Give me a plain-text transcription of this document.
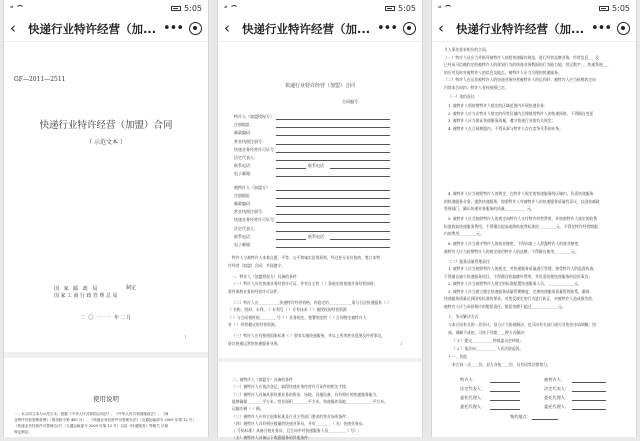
ᵃˡˡ	5:05
‹	快递行业特许经营（加... •••
GF—2011—2511
快递行业特许经营（加盟）合同
（ 示范文本 ）
国 家 邮 政 局
国家工商行政管理总局
制定
二 〇 一 一 年二月
1
使用说明
一、本合同文本为示范文本，根据《中华人民共和国合同法》、《中华人民共和国邮政法》、《商
业特许经营管理条例》（国务院令第 485 号）、《快递业务经营许可管理办法》（交通运输部令 2009 年第 12 号）
《快递业务经营许可管理办法》（交通运输部令 2009 年第 12 号）以及《快递服务》等相关 法规
规定制定。
ᵃˡˡ	5:05
‹	快递行业特许经营（加... •••
快递行业特许经营（加盟）合同
合同编号：
特许人（加盟授权方）：
注册地址：
邮政编码：
营业执照注册号：
快递业务经营许可证号：
法定代表人：
联系电话：	联系电话：
电子邮箱：
被特许人（加盟方）：
注册地址：
邮政编码：
营业执照注册号：
快递业务经营许可证号：
法定代表人：
联系电话：	联系电话：
电子邮箱：
特许人与被特许人本着自愿、平等、公平和诚实信用原则，经过充分友好协商，签订本特
许经营（加盟）合同，共同遵守。
一、特许人（加盟授权方）具备的条件
（一）特许人具有快递业务经营许可证，并有自主营（ ）条规定的快递业务经营网络；
事件保持业务的经营许可证件。
（二）特许人应___________快递特许经营资格，有稳定的____________条与合法快递服务（ ）
（ 名称、图形、专利、 ）专利号（ ）专有技术（ ）被授权的经营资源
（ ）与合同相符的_________号（ ）业务规定，签署规定的（ ）合同签定被特许人
有（ ）经营模式的经营资源。
（三）特许人应有按照国家标准（ ）要求实施快递服务，并以上所列营业范围及经营事宜，
协议快递运营的快递服务业务。	1
二、被特许人（加盟方）具备的条件
（一）被特许人应依法登记，取得快递业务经营许可证件的相关手续；
（二）被特许人具备从事快递业务的资金、场地、设施设备，具有相应的快递服务能力，
能够确保________平方米，营业面积________平方米，快递操作场地______________平方米，
运输车辆（ ）辆。
（三）被特许人应符合国家标准及行业主管部门要求的营业场所条件：
（四）被特许人具有相应数量的快递业务员，并有________（ 名）快递业务员，
（ 号码标准）具备合格业务员，且合同中对快递服务人员_________（ 号）；
（五）被特许人具备以下收派服务的其他条件：
ᵃˡˡ	5:05
‹	快递行业特许经营（加... •••
月人事先要求相应的合同。
（一）特许人员应当并指导被特许人按照快递操作规范，进行经营品牌业务，经营信息___ 及
已经成可信赖约定的被特许人的规划行为的快递业务数据的行为能力地、营运数字___ 快递系统___
的应对及时对被特许人的信息及地点，被特许人应当合理的快递服务。
（二）特许人在运作被特许人的快递业务经营被特许人的运作时；被特许人应当按照约定向
内容本合同约；特许人有权按照已定。
（一）违约责任
1. 被特许人须按照特许人规定的区域范围内开展快递业务；
2. 被特许人应当在特许人规定的经营区域内合理使用特许人的快递网络，不得擅自变更
3. 被特许人应当保证快递服务质量，遵守快递行业的有关规定；
4. 被特许人在合同期限内，不得从事与特许人存在竞争关系的业务。
4. 被特许人应当按照特许人的规定，在特许人规定的快递服务的区域内，负责快递服务
的快递服务业务，提供快递服务，如果特许人对被特许人的快递服务质量有异议，以国家邮政
管理部门，确认快递业务服务的质量___________ 元。
5. 被特许人应当按照特许人的规定向特许人支付特许经营费用，并按照特许人规定的收费
标准收取快递服务费用，不得擅自提高或降低收费标准的_________元，不得在特许经营期限
内的费用_________元。
6. 被特许人应当保守特许人的商业秘密，不得向第三人泄露特许人的商业秘密，
被特许人应当按照特许人的规定使用特许人的品牌，不得擅自使用_________元。
（二）服务质量管理责任
1. 被特许人应当按照特许人的规定，对快递服务质量进行管理，接受特许人的监督检查，
不得擅自减少快递服务项目，不得擅自收取额外费用，并负责处理快递服务的投诉事宜；
2. 被特许人应当按照特许人规定的标准配置快递服务人员，______________元，
3. 被特许人应当建立健全快递服务质量管理制度，完善快递服务质量管理体系，确保
快递服务质量达到国家标准的要求，对违反规定的行为进行纠正，对被特许人造成损失的，
被特许人应当承担相应的赔偿责任，赔偿金额不超过______________元。
十、争议解决方式
与本合同有关的一切争议，双方应当协商解决，也可向有关部门或行业协会申请调解；协
商、调解不成的，可按下列第____种方式解决：
（ 1 ）提交___________仲裁委员会仲裁；
（ 2 ）依法向___________人民法院起诉。
十一、其他
本合同一式____份，双方各执____份，具有同等法律效力。
特许人：	被特许人：
法定代表人：	法定代表人：
委托代理人：	委托代理人：
委托代理人：	委托代理人：
签约地点：
